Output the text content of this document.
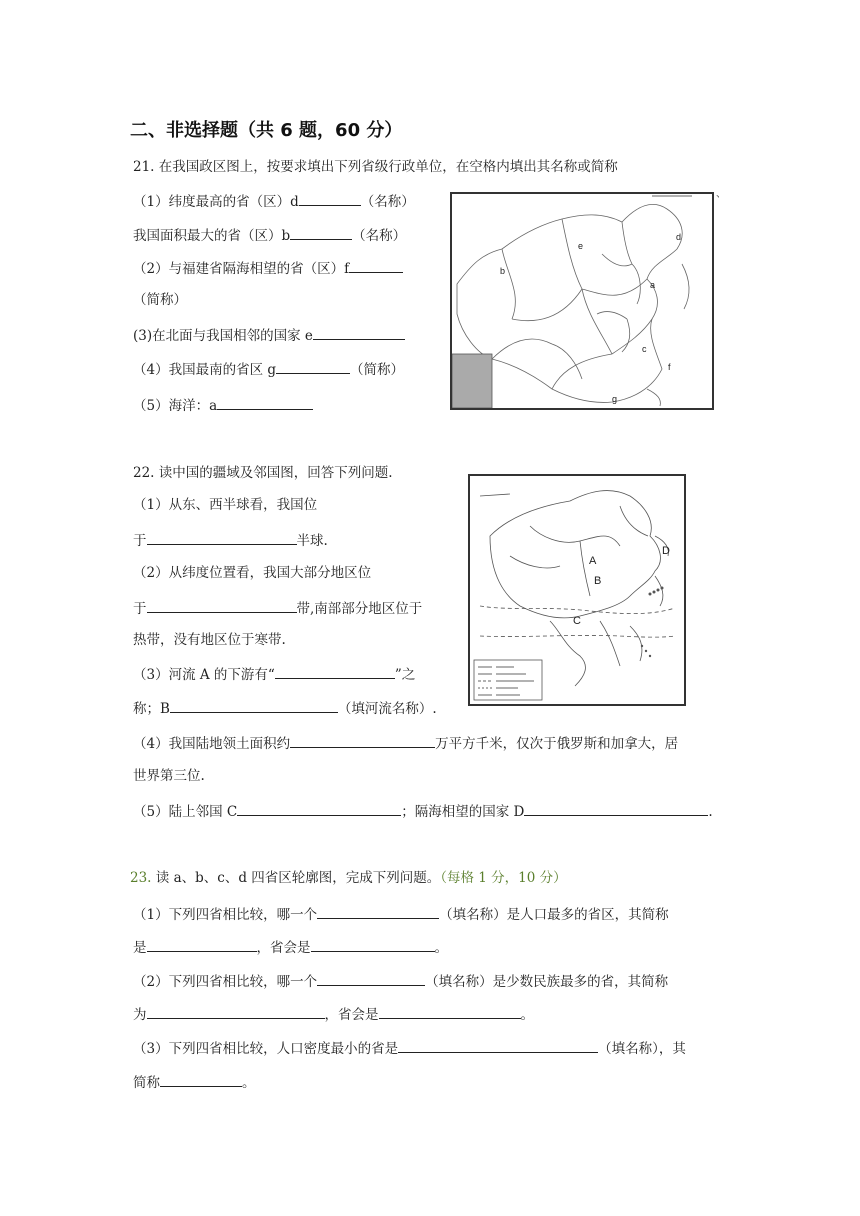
二、非选择题（共 6 题，60 分）
21. 在我国政区图上，按要求填出下列省级行政单位，在空格内填出其名称或简称
（1）纬度最高的省（区）d	（名称）
我国面积最大的省（区）b	（名称）
（2）与福建省隔海相望的省（区）f
（简称）
(3)在北面与我国相邻的国家 e
（4）我国最南的省区 g	（简称）
（5）海洋：a
e
b
d
a
c
f
g
、
22. 读中国的疆域及邻国图，回答下列问题.
（1）从东、西半球看，我国位
于	半球.
（2）从纬度位置看，我国大部分地区位
于	带,南部部分地区位于
热带，没有地区位于寒带.
（3）河流 A 的下游有“	”之
称；B	（填河流名称）.
（4）我国陆地领土面积约	万平方千米，仅次于俄罗斯和加拿大，居
世界第三位.
（5）陆上邻国 C	；隔海相望的国家 D	.
A
B
C
D
23. 读 a、b、c、d 四省区轮廓图，完成下列问题。（每格 1 分，10 分）
（1）下列四省相比较，哪一个	（填名称）是人口最多的省区，其简称
是	，省会是	。
（2）下列四省相比较，哪一个	（填名称）是少数民族最多的省，其简称
为	，省会是	。
（3）下列四省相比较，人口密度最小的省是	（填名称），其
简称	。
